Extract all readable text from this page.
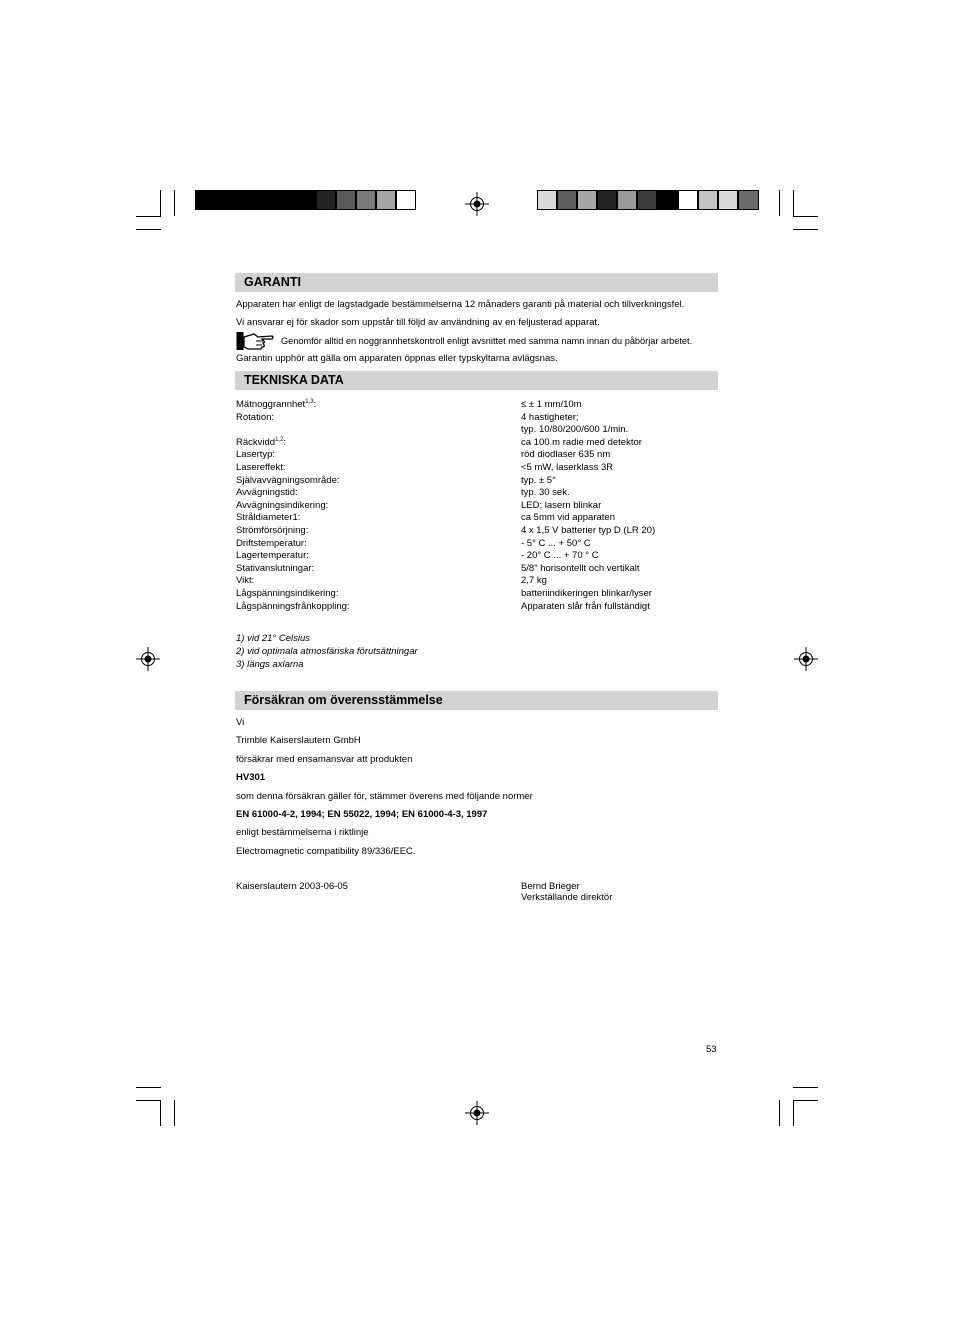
GARANTI
Apparaten har enligt de lagstadgade bestämmelserna 12 månaders garanti på material och tillverkningsfel.
Vi ansvarar ej för skador som uppstår till följd av användning av en feljusterad apparat.
Genomför alltid en noggrannhetskontroll enligt avsnittet med samma namn innan du påbörjar arbetet.
Garantin upphör att gälla om apparaten öppnas eller typskyltarna avlägsnas.
TEKNISKA DATA
Mätnoggrannhet$^{1,3}$:	≤ ± 1 mm/10m
Rotation:	4 hastigheter;
typ. 10/80/200/600 1/min.
Räckvidd$^{1,2}$:	ca 100 m radie med detektor
Lasertyp:	röd diodlaser 635 nm
Lasereffekt:	<5 mW, laserklass 3R
Självavvägningsområde:	typ. ± 5°
Avvägningstid:	typ. 30 sek.
Avvägningsindikering:	LED; lasern blinkar
Stråldiameter1:	ca 5mm vid apparaten
Strömförsörjning:	4 x 1,5 V batterier typ D (LR 20)
Driftstemperatur:	- 5° C ... + 50° C
Lagertemperatur:	- 20° C ... + 70 ° C
Stativanslutningar:	5/8" horisontellt och vertikalt
Vikt:	2,7 kg
Lågspänningsindikering:	batteriindikeringen blinkar/lyser
Lågspänningsfrånkoppling:	Apparaten slår från fullständigt
1) vid 21° Celsius
2) vid optimala atmosfäriska förutsättningar
3) längs axlarna
Försäkran om överensstämmelse
Vi
Trimble Kaiserslautern GmbH
försäkrar med ensamansvar att produkten
HV301
som denna försäkran gäller för, stämmer överens med följande normer
EN 61000-4-2, 1994; EN 55022, 1994; EN 61000-4-3, 1997
enligt bestämmelserna i riktlinje
Electromagnetic compatibility 89/336/EEC.
Kaiserslautern 2003-06-05	Bernd Brieger
Verkställande direktör
53
